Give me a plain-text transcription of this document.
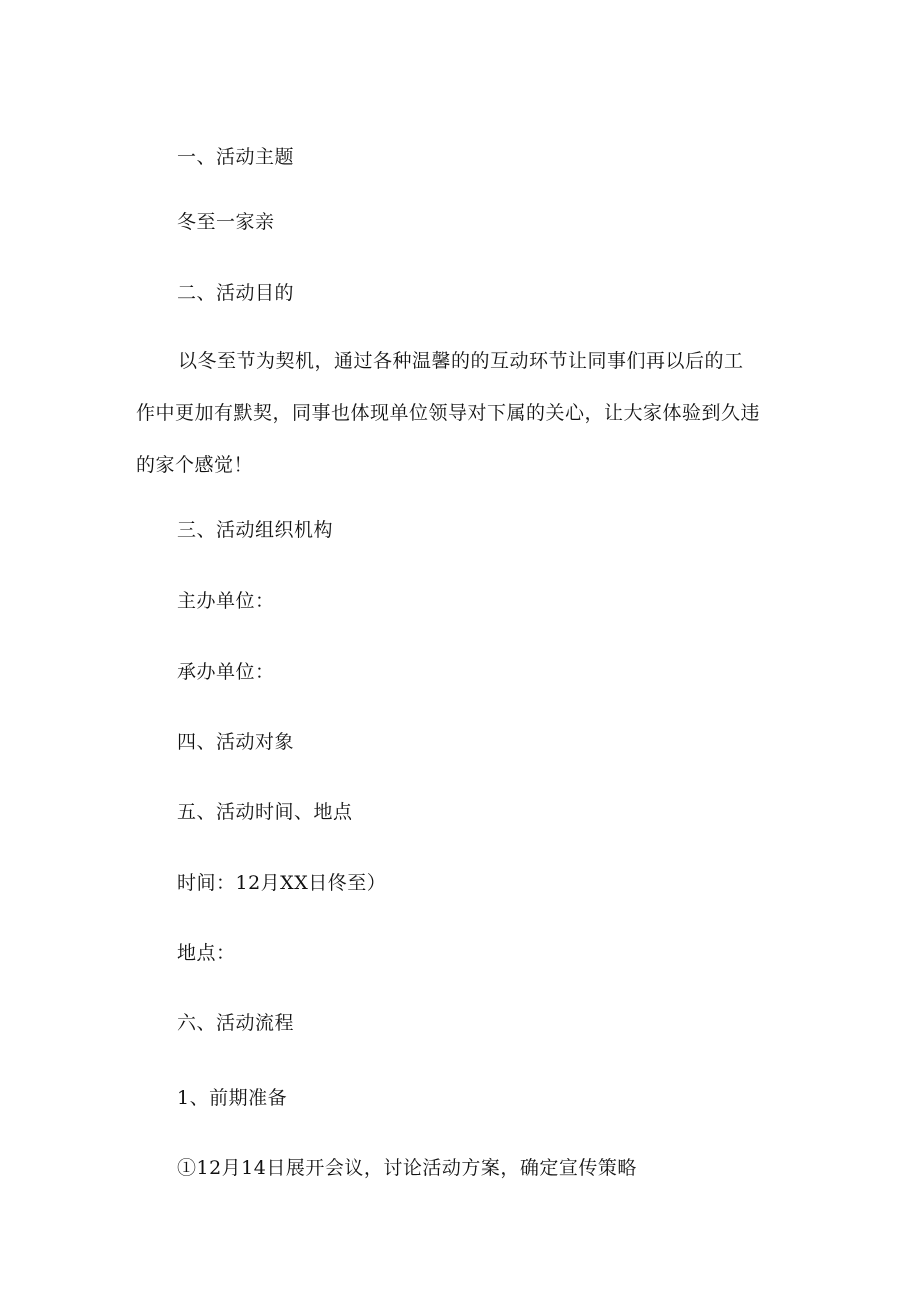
一、活动主题
冬至一家亲
二、活动目的
以冬至节为契机，通过各种温馨的的互动环节让同事们再以后的工
作中更加有默契，同事也体现单位领导对下属的关心，让大家体验到久违
的家个感觉！
三、活动组织机构
主办单位：
承办单位：
四、活动对象
五、活动时间、地点
时间：12月XX日佟至）
地点：
六、活动流程
1、前期准备
①12月14日展开会议，讨论活动方案，确定宣传策略
